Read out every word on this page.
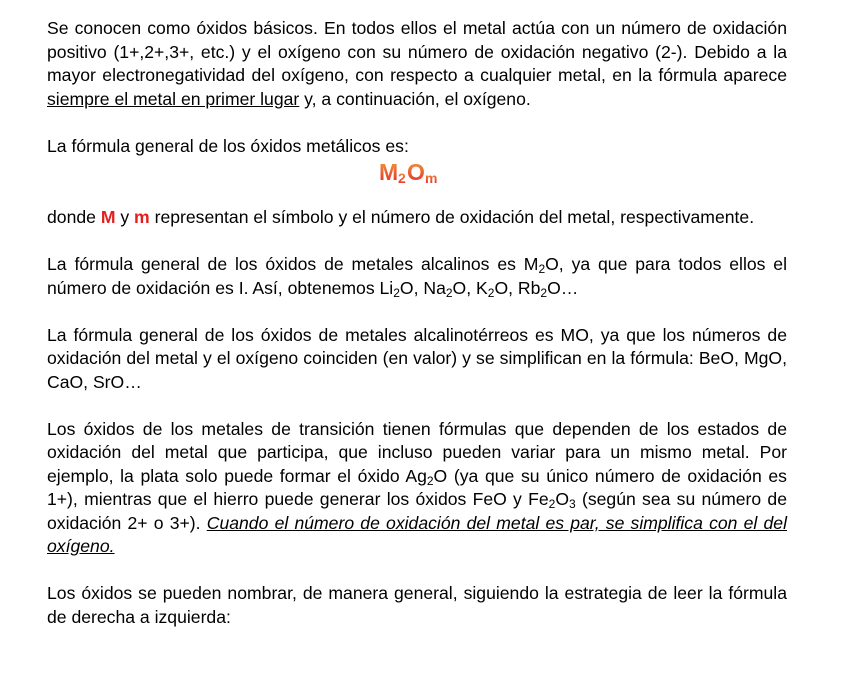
Se conocen como óxidos básicos. En todos ellos el metal actúa con un número de oxidación positivo (1+,2+,3+, etc.) y el oxígeno con su número de oxidación negativo (2-). Debido a la mayor electronegatividad del oxígeno, con respecto a cualquier metal, en la fórmula aparece siempre el metal en primer lugar y, a continuación, el oxígeno.

La fórmula general de los óxidos metálicos es:

M 2 O m

donde M y m representan el símbolo y el número de oxidación del metal, respectivamente.

La fórmula general de los óxidos de metales alcalinos es $M_2O$, ya que para todos ellos el número de oxidación es I. Así, obtenemos $Li_2O$, $Na_2O$, $K_2O$, $Rb_2O\dots$

La fórmula general de los óxidos de metales alcalinotérreos es MO, ya que los números de oxidación del metal y el oxígeno coinciden (en valor) y se simplifican en la fórmula: BeO, MgO, CaO, SrO…

Los óxidos de los metales de transición tienen fórmulas que dependen de los estados de oxidación del metal que participa, que incluso pueden variar para un mismo metal. Por ejemplo, la plata solo puede formar el óxido $Ag_2O$ (ya que su único número de oxidación es 1+), mientras que el hierro puede generar los óxidos FeO y $Fe_2O_3$ (según sea su número de oxidación 2+ o 3+). Cuando el número de oxidación del metal es par, se simplifica con el del oxígeno.

Los óxidos se pueden nombrar, de manera general, siguiendo la estrategia de leer la fórmula de derecha a izquierda:
